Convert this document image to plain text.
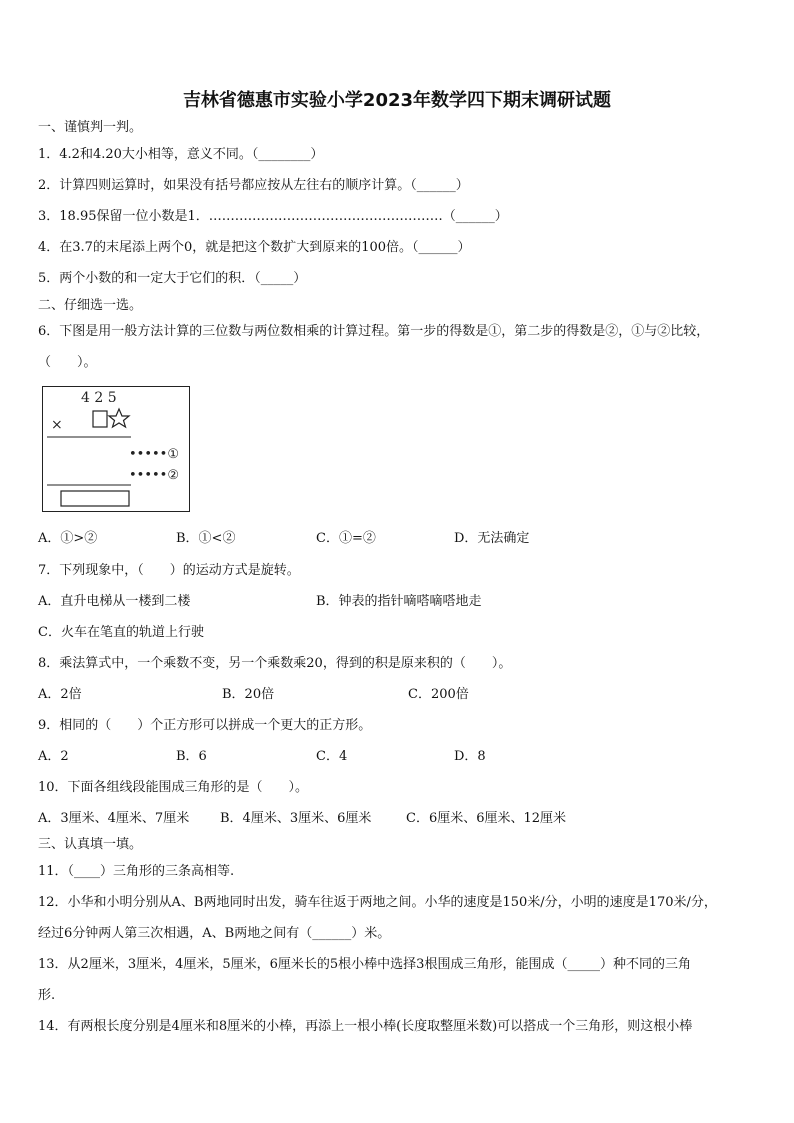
吉林省德惠市实验小学2023年数学四下期末调研试题
一、谨慎判一判。
1．4.2和4.20大小相等，意义不同。（________）
2．计算四则运算时，如果没有括号都应按从左往右的顺序计算。（______）
3．18.95保留一位小数是1．………………………………………………（______）
4．在3.7的末尾添上两个0，就是把这个数扩大到原来的100倍。（______）
5．两个小数的和一定大于它们的积．（_____）
二、仔细选一选。
6．下图是用一般方法计算的三位数与两位数相乘的计算过程。第一步的得数是①，第二步的得数是②，①与②比较，
（　　）。
4 2 5
×
•••••①
•••••②
A．①>②	B．①<②	C．①=②	D．无法确定
7．下列现象中，（　　）的运动方式是旋转。
A．直升电梯从一楼到二楼	B．钟表的指针嘀嗒嘀嗒地走
C．火车在笔直的轨道上行驶
8．乘法算式中，一个乘数不变，另一个乘数乘20，得到的积是原来积的（　　）。
A．2倍	B．20倍	C．200倍
9．相同的（　　）个正方形可以拼成一个更大的正方形。
A．2	B．6	C．4	D．8
10．下面各组线段能围成三角形的是（　　）。
A．3厘米、4厘米、7厘米 B．4厘米、3厘米、6厘米	C．6厘米、6厘米、12厘米
三、认真填一填。
11．（____）三角形的三条高相等.
12．小华和小明分别从A、B两地同时出发，骑车往返于两地之间。小华的速度是150米/分，小明的速度是170米/分，
经过6分钟两人第三次相遇，A、B两地之间有（______）米。
13．从2厘米，3厘米，4厘米，5厘米，6厘米长的5根小棒中选择3根围成三角形，能围成（_____）种不同的三角
形.
14．有两根长度分别是4厘米和8厘米的小棒，再添上一根小棒(长度取整厘米数)可以搭成一个三角形，则这根小棒
